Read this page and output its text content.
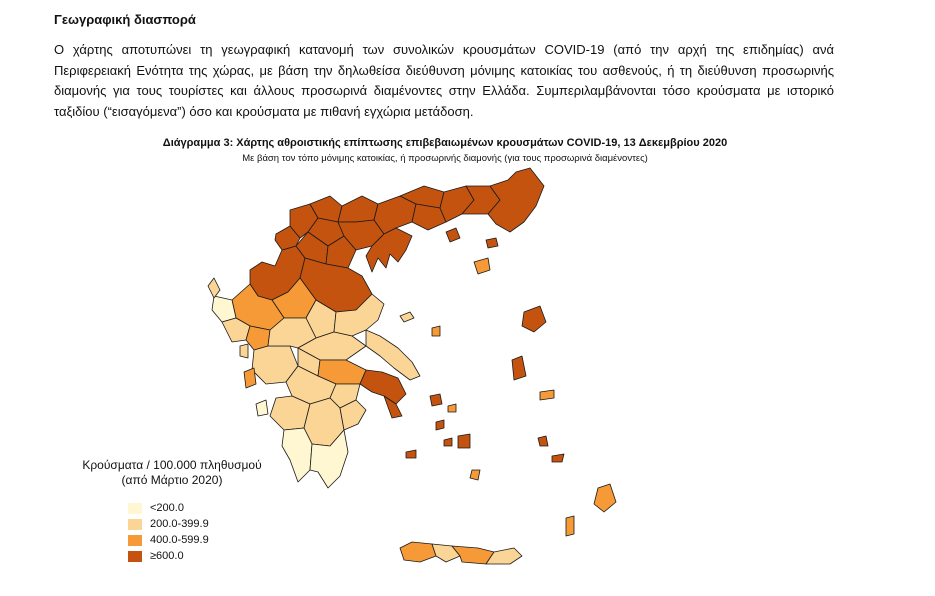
Γεωγραφική διασπορά

Ο χάρτης αποτυπώνει τη γεωγραφική κατανομή των συνολικών κρουσμάτων COVID-19 (από την αρχή της επιδημίας) ανά Περιφερειακή Ενότητα της χώρας, με βάση την δηλωθείσα διεύθυνση μόνιμης κατοικίας του ασθενούς, ή τη διεύθυνση προσωρινής διαμονής για τους τουρίστες και άλλους προσωρινά διαμένοντες στην Ελλάδα. Συμπεριλαμβάνονται τόσο κρούσματα με ιστορικό ταξιδίου (“εισαγόμενα”) όσο και κρούσματα με πιθανή εγχώρια μετάδοση.

Διάγραμμα 3: Χάρτης αθροιστικής επίπτωσης επιβεβαιωμένων κρουσμάτων COVID-19, 13 Δεκεμβρίου 2020
Με βάση τον τόπο μόνιμης κατοικίας, ή προσωρινής διαμονής (για τους προσωρινά διαμένοντες)
Κρούσματα / 100.000 πληθυσμού
(από Μάρτιο 2020)
<200.0
200.0-399.9
400.0-599.9
≥600.0
